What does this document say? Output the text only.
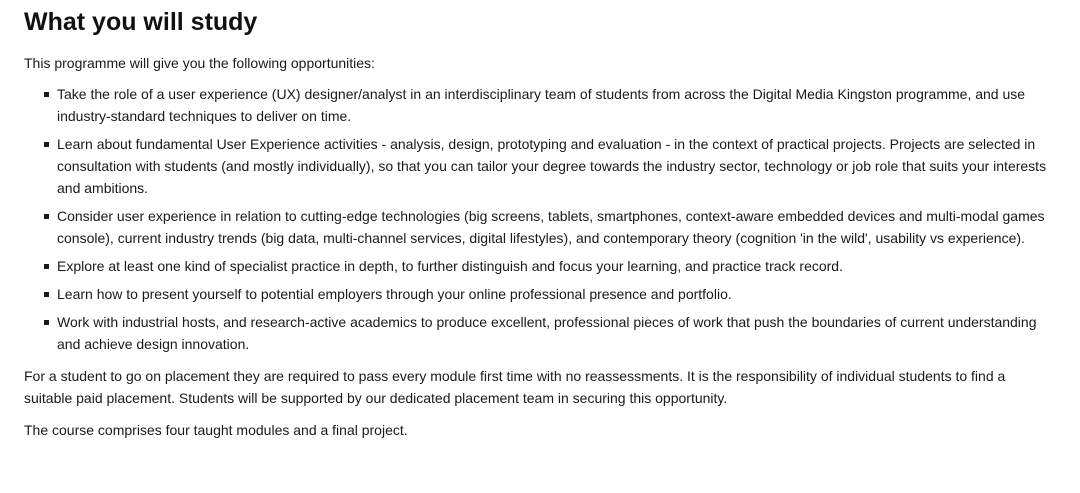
What you will study

This programme will give you the following opportunities:

Take the role of a user experience (UX) designer/analyst in an interdisciplinary team of students from across the Digital Media Kingston programme, and use industry-standard techniques to deliver on time.
Learn about fundamental User Experience activities - analysis, design, prototyping and evaluation - in the context of practical projects. Projects are selected in consultation with students (and mostly individually), so that you can tailor your degree towards the industry sector, technology or job role that suits your interests and ambitions.
Consider user experience in relation to cutting-edge technologies (big screens, tablets, smartphones, context-aware embedded devices and multi-modal games console), current industry trends (big data, multi-channel services, digital lifestyles), and contemporary theory (cognition 'in the wild', usability vs experience).
Explore at least one kind of specialist practice in depth, to further distinguish and focus your learning, and practice track record.
Learn how to present yourself to potential employers through your online professional presence and portfolio.
Work with industrial hosts, and research-active academics to produce excellent, professional pieces of work that push the boundaries of current understanding and achieve design innovation.

For a student to go on placement they are required to pass every module first time with no reassessments. It is the responsibility of individual students to find a suitable paid placement. Students will be supported by our dedicated placement team in securing this opportunity.

The course comprises four taught modules and a final project.
